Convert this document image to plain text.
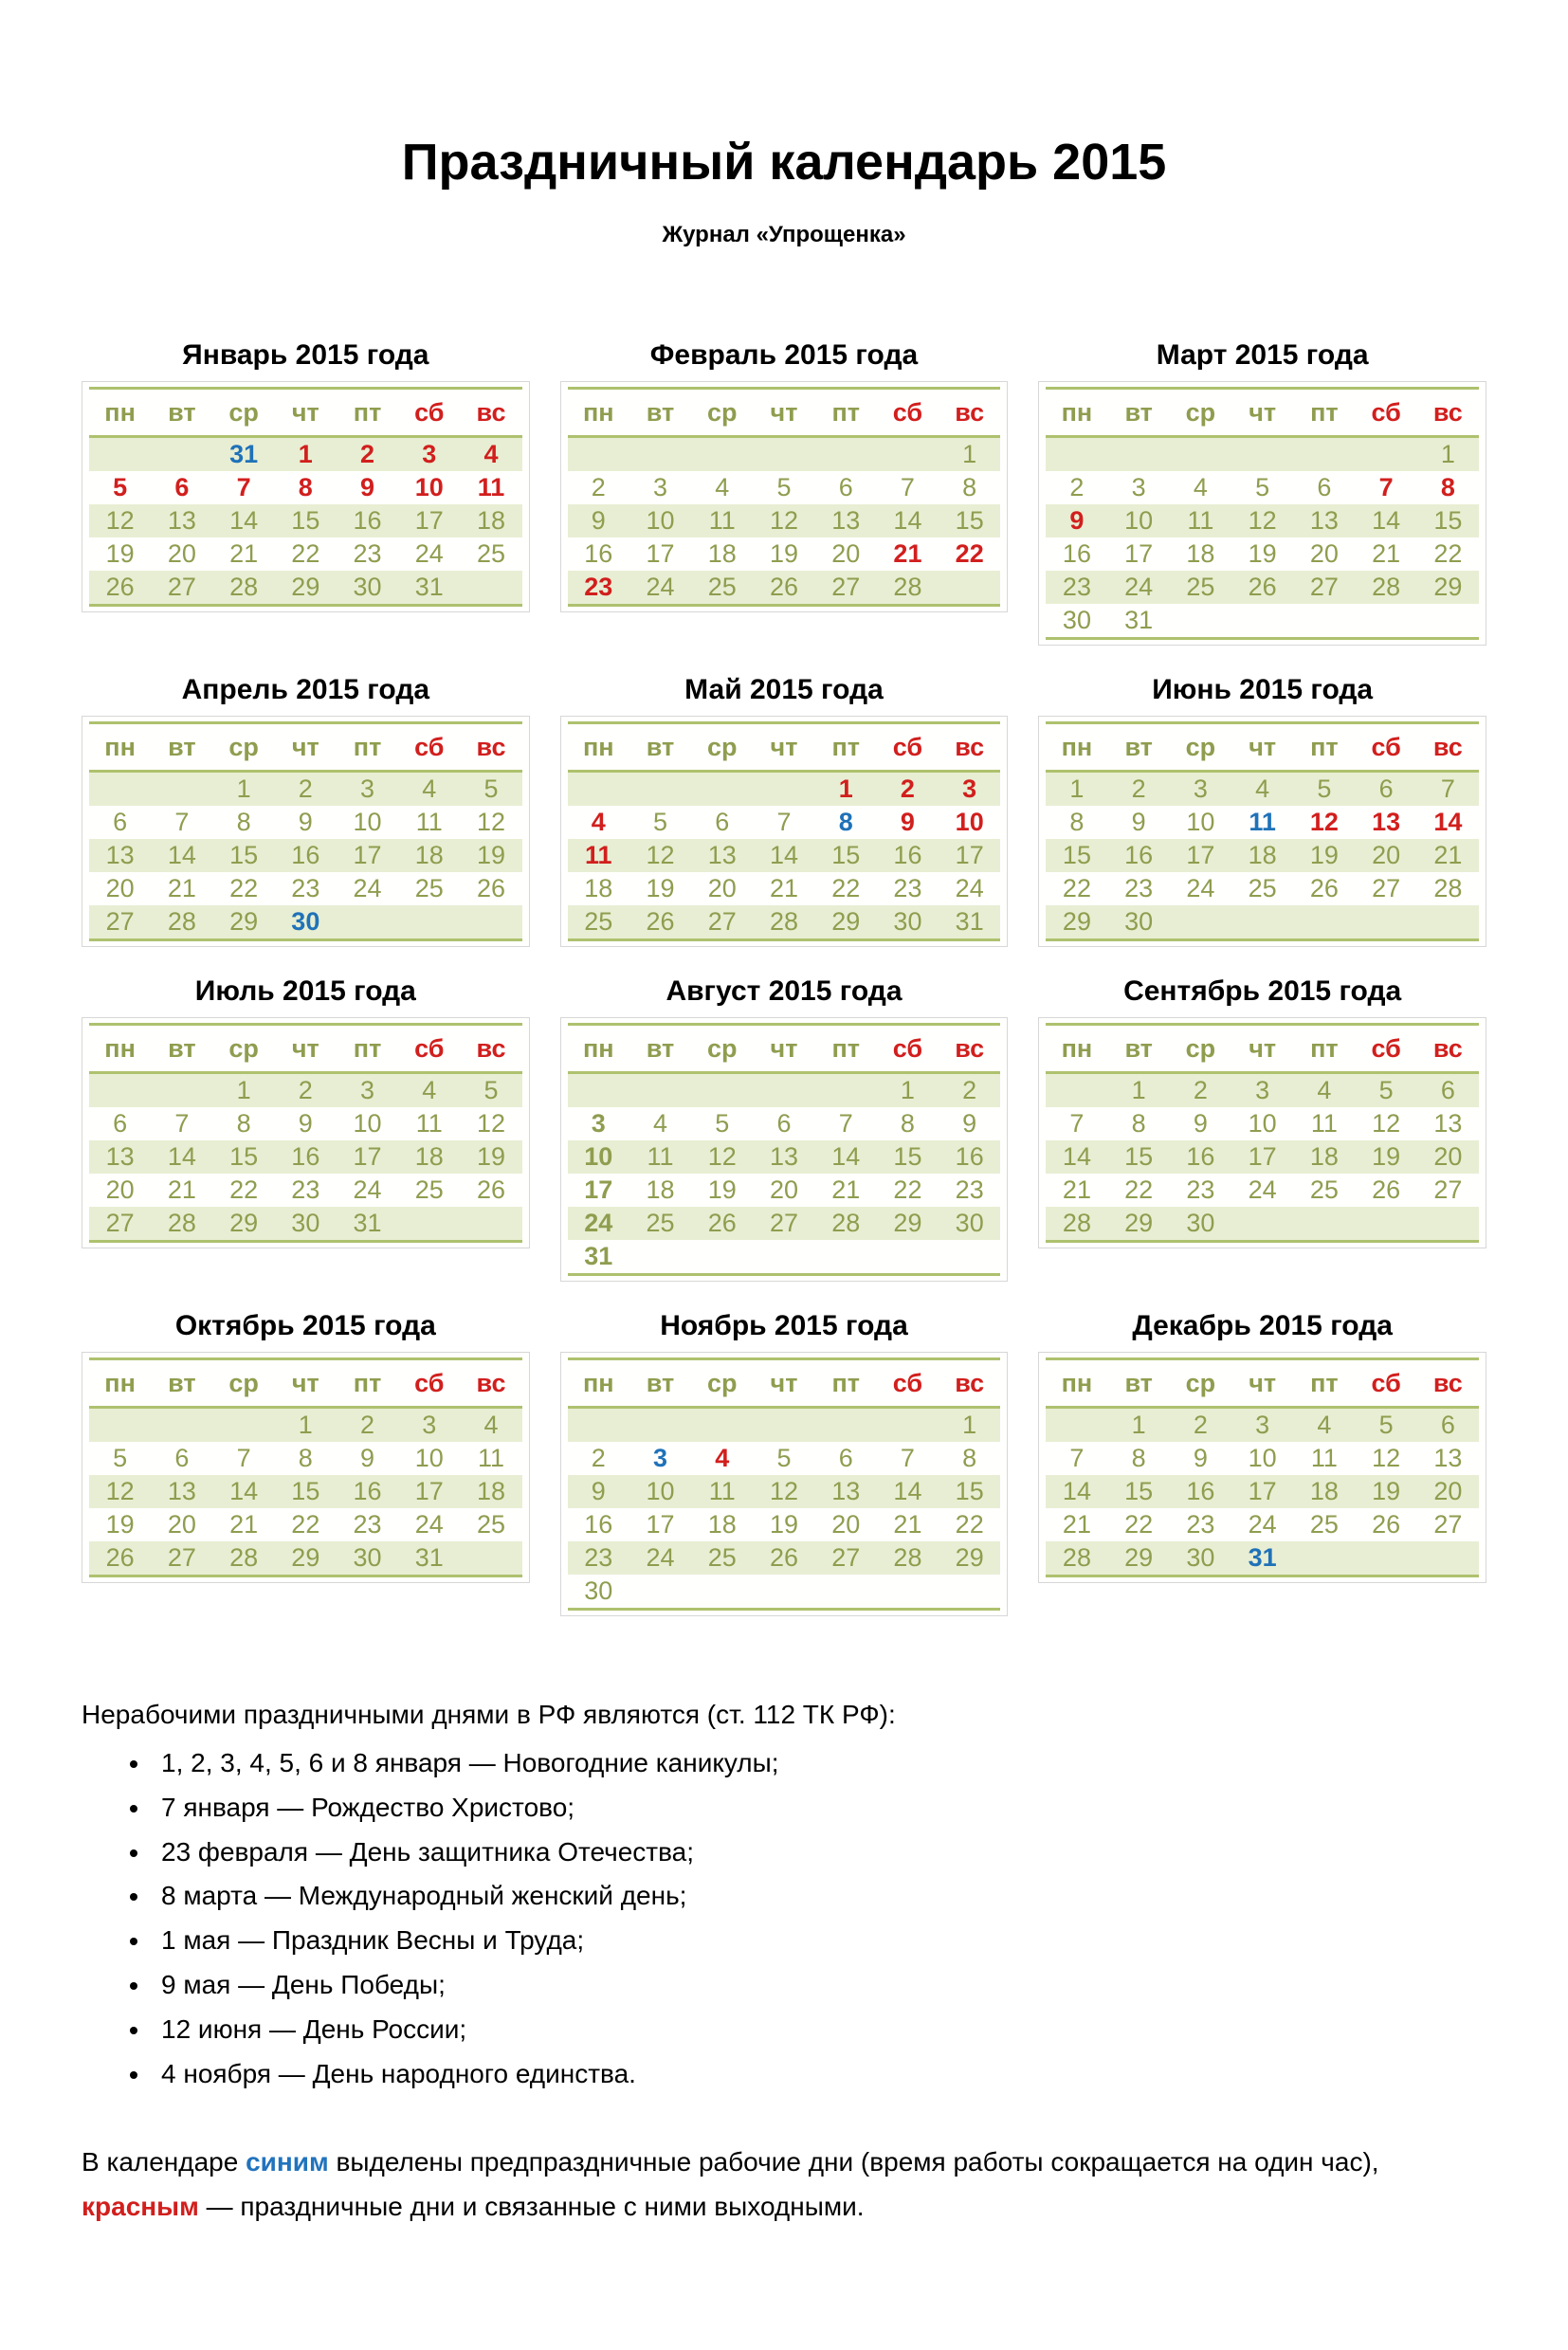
Праздничный календарь 2015
Журнал «Упрощенка»
Январь 2015 года
пн	вт	ср	чт	пт	сб	вс
		31	1	2	3	4
5	6	7	8	9	10	11
12	13	14	15	16	17	18
19	20	21	22	23	24	25
26	27	28	29	30	31	
Февраль 2015 года
пн	вт	ср	чт	пт	сб	вс
						1
2	3	4	5	6	7	8
9	10	11	12	13	14	15
16	17	18	19	20	21	22
23	24	25	26	27	28	
Март 2015 года
пн	вт	ср	чт	пт	сб	вс
						1
2	3	4	5	6	7	8
9	10	11	12	13	14	15
16	17	18	19	20	21	22
23	24	25	26	27	28	29
30	31					
Апрель 2015 года
пн	вт	ср	чт	пт	сб	вс
		1	2	3	4	5
6	7	8	9	10	11	12
13	14	15	16	17	18	19
20	21	22	23	24	25	26
27	28	29	30			
Май 2015 года
пн	вт	ср	чт	пт	сб	вс
				1	2	3
4	5	6	7	8	9	10
11	12	13	14	15	16	17
18	19	20	21	22	23	24
25	26	27	28	29	30	31
Июнь 2015 года
пн	вт	ср	чт	пт	сб	вс
1	2	3	4	5	6	7
8	9	10	11	12	13	14
15	16	17	18	19	20	21
22	23	24	25	26	27	28
29	30					
Июль 2015 года
пн	вт	ср	чт	пт	сб	вс
		1	2	3	4	5
6	7	8	9	10	11	12
13	14	15	16	17	18	19
20	21	22	23	24	25	26
27	28	29	30	31		
Август 2015 года
пн	вт	ср	чт	пт	сб	вс
					1	2
3	4	5	6	7	8	9
10	11	12	13	14	15	16
17	18	19	20	21	22	23
24	25	26	27	28	29	30
31						
Сентябрь 2015 года
пн	вт	ср	чт	пт	сб	вс
	1	2	3	4	5	6
7	8	9	10	11	12	13
14	15	16	17	18	19	20
21	22	23	24	25	26	27
28	29	30				
Октябрь 2015 года
пн	вт	ср	чт	пт	сб	вс
			1	2	3	4
5	6	7	8	9	10	11
12	13	14	15	16	17	18
19	20	21	22	23	24	25
26	27	28	29	30	31	
Ноябрь 2015 года
пн	вт	ср	чт	пт	сб	вс
						1
2	3	4	5	6	7	8
9	10	11	12	13	14	15
16	17	18	19	20	21	22
23	24	25	26	27	28	29
30						
Декабрь 2015 года
пн	вт	ср	чт	пт	сб	вс
	1	2	3	4	5	6
7	8	9	10	11	12	13
14	15	16	17	18	19	20
21	22	23	24	25	26	27
28	29	30	31			

Нерабочими праздничными днями в РФ являются (ст. 112 ТК РФ):

• 1, 2, 3, 4, 5, 6 и 8 января — Новогодние каникулы;
• 7 января — Рождество Христово;
• 23 февраля — День защитника Отечества;
• 8 марта — Международный женский день;
• 1 мая — Праздник Весны и Труда;
• 9 мая — День Победы;
• 12 июня — День России;
• 4 ноября — День народного единства.

В календаре синим выделены предпраздничные рабочие дни (время работы сокращается на один час), красным — праздничные дни и связанные с ними выходными.
